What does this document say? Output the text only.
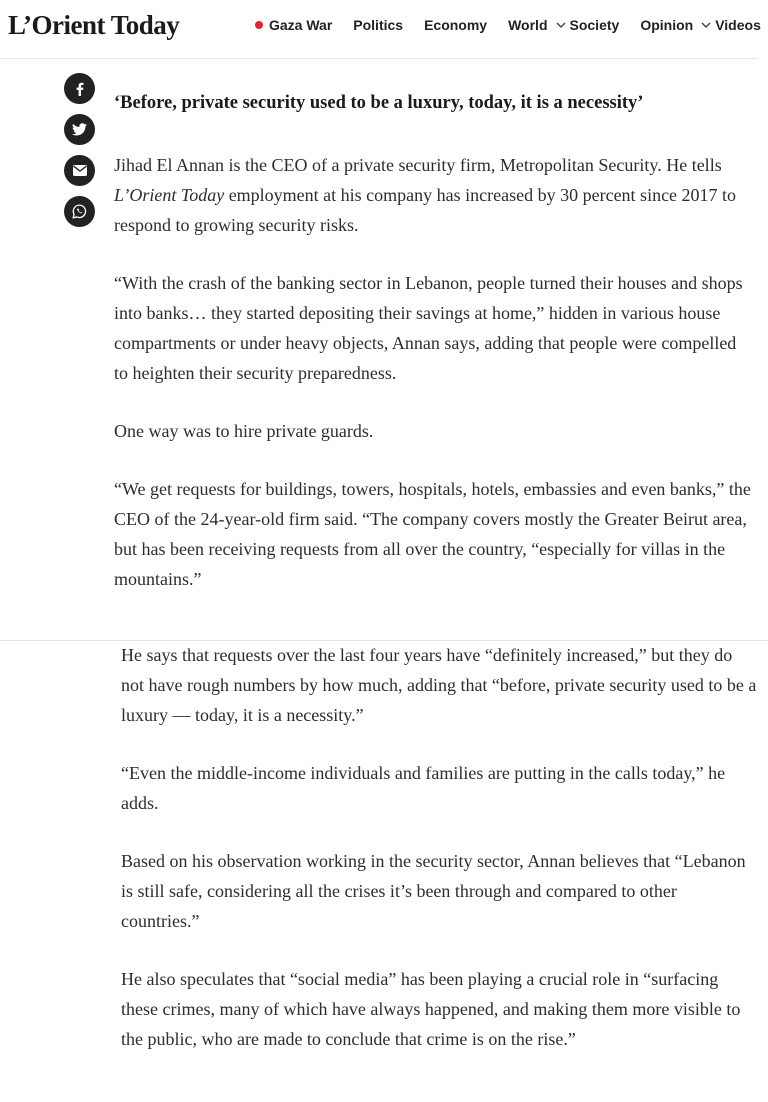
L’Orient Today	Gaza War Politics Economy World Society Opinion Videos
‘Before, private security used to be a luxury, today, it is a necessity’

Jihad El Annan is the CEO of a private security firm, Metropolitan Security. He tells L’Orient Today employment at his company has increased by 30 percent since 2017 to respond to growing security risks.

“With the crash of the banking sector in Lebanon, people turned their houses and shops into banks… they started depositing their savings at home,” hidden in various house compartments or under heavy objects, Annan says, adding that people were compelled to heighten their security preparedness.

One way was to hire private guards.

“We get requests for buildings, towers, hospitals, hotels, embassies and even banks,” the CEO of the 24-year-old firm said. “The company covers mostly the Greater Beirut area, but has been receiving requests from all over the country, “especially for villas in the mountains.”

He says that requests over the last four years have “definitely increased,” but they do not have rough numbers by how much, adding that “before, private security used to be a luxury — today, it is a necessity.”

“Even the middle-income individuals and families are putting in the calls today,” he adds.

Based on his observation working in the security sector, Annan believes that “Lebanon is still safe, considering all the crises it’s been through and compared to other countries.”

He also speculates that “social media” has been playing a crucial role in “surfacing these crimes, many of which have always happened, and making them more visible to the public, who are made to conclude that crime is on the rise.”
